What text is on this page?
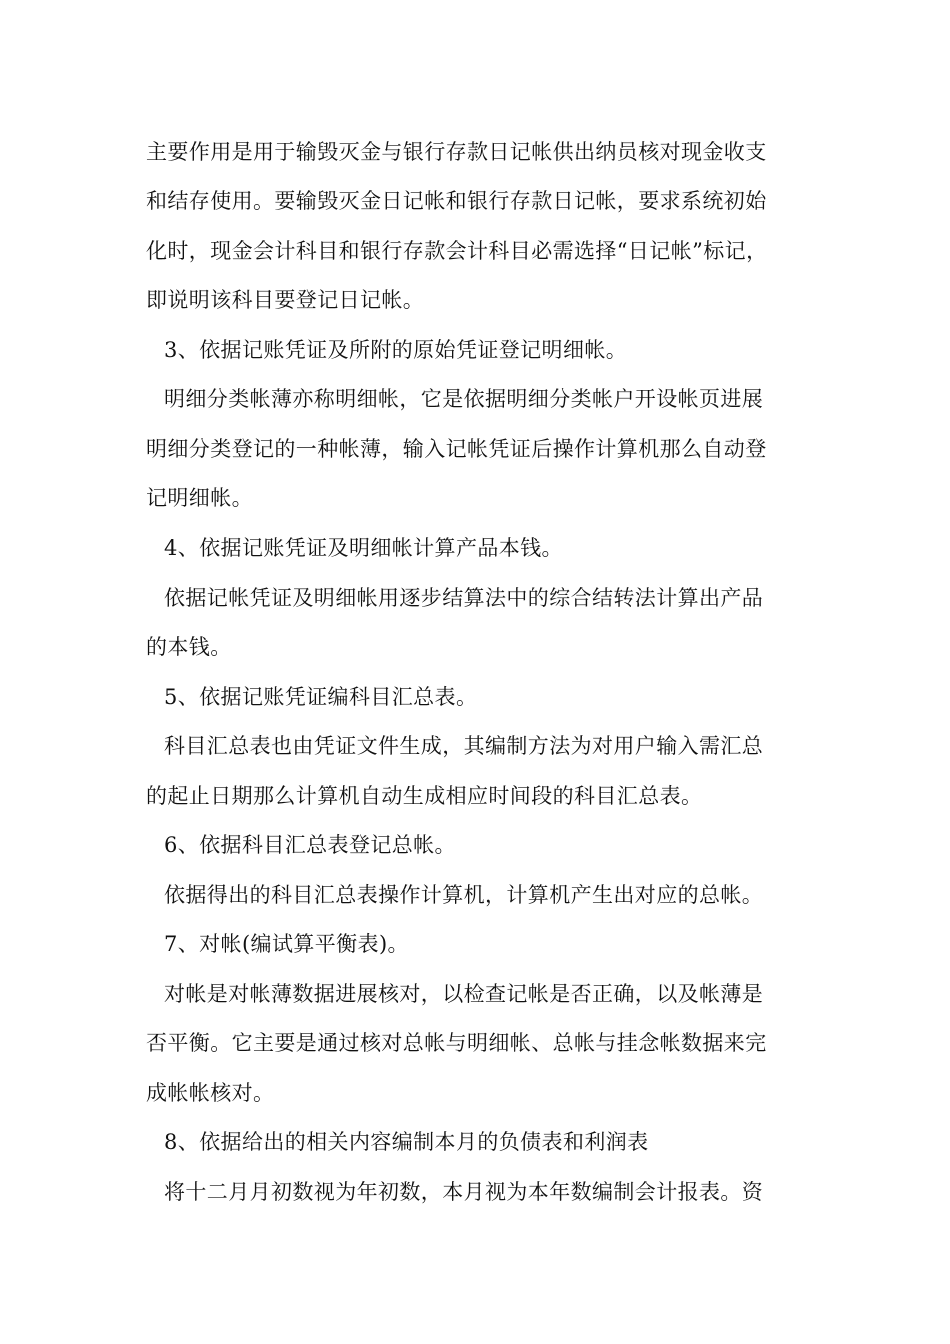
主要作用是用于输毁灭金与银行存款日记帐供出纳员核对现金收支
和结存使用。要输毁灭金日记帐和银行存款日记帐，要求系统初始
化时，现金会计科目和银行存款会计科目必需选择“日记帐”标记，
即说明该科目要登记日记帐。
3、依据记账凭证及所附的原始凭证登记明细帐。
明细分类帐薄亦称明细帐，它是依据明细分类帐户开设帐页进展
明细分类登记的一种帐薄，输入记帐凭证后操作计算机那么自动登
记明细帐。
4、依据记账凭证及明细帐计算产品本钱。
依据记帐凭证及明细帐用逐步结算法中的综合结转法计算出产品
的本钱。
5、依据记账凭证编科目汇总表。
科目汇总表也由凭证文件生成，其编制方法为对用户输入需汇总
的起止日期那么计算机自动生成相应时间段的科目汇总表。
6、依据科目汇总表登记总帐。
依据得出的科目汇总表操作计算机，计算机产生出对应的总帐。
7、对帐(编试算平衡表)。
对帐是对帐薄数据进展核对，以检查记帐是否正确，以及帐薄是
否平衡。它主要是通过核对总帐与明细帐、总帐与挂念帐数据来完
成帐帐核对。
8、依据给出的相关内容编制本月的负债表和利润表
将十二月月初数视为年初数，本月视为本年数编制会计报表。资
